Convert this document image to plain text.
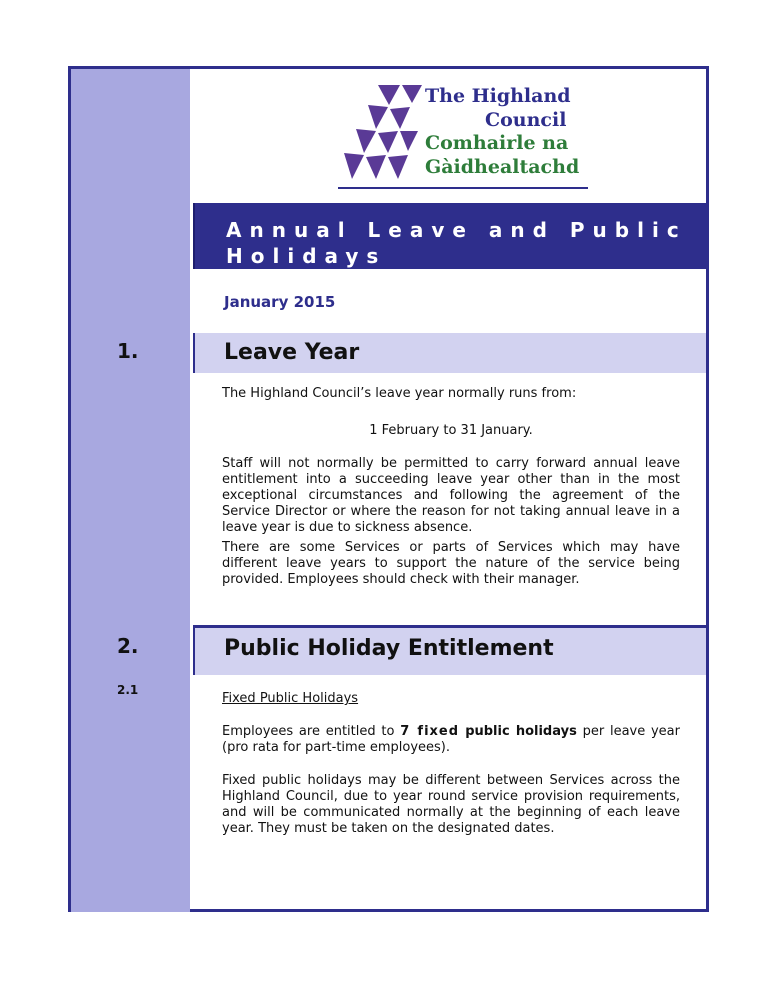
The Highland
Council
Comhairle na
Gàidhealtachd
Annual Leave and Public Holidays
January 2015
Leave Year
The Highland Council’s leave year normally runs from:
1 February to 31 January.
Staff will not normally be permitted to carry forward annual leave entitlement into a succeeding leave year other than in the most exceptional circumstances and following the agreement of the Service Director or where the reason for not taking annual leave in a leave year is due to sickness absence.
There are some Services or parts of Services which may have different leave years to support the nature of the service being provided. Employees should check with their manager.
Public Holiday Entitlement
Fixed Public Holidays
Employees are entitled to 7 fixed public holidays per leave year (pro rata for part-time employees).
Fixed public holidays may be different between Services across the Highland Council, due to year round service provision requirements, and will be communicated normally at the beginning of each leave year. They must be taken on the designated dates.
1.
2.
2.1
